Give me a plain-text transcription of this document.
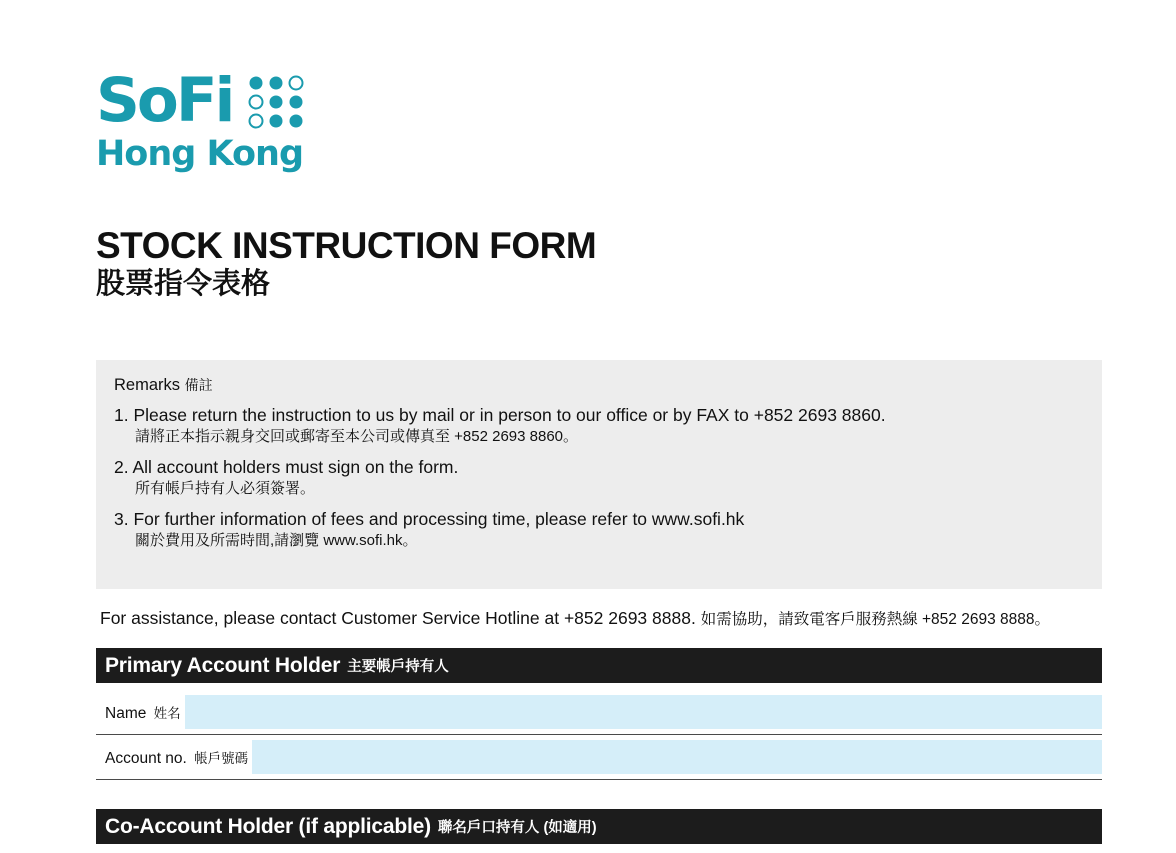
SoFi
Hong Kong
STOCK INSTRUCTION FORM
股票指令表格
Remarks 備註
1. Please return the instruction to us by mail or in person to our office or by FAX to +852 2693 8860.
請將正本指示親身交回或郵寄至本公司或傳真至 +852 2693 8860。
2. All account holders must sign on the form.
所有帳戶持有人必須簽署。
3. For further information of fees and processing time, please refer to www.sofi.hk
關於費用及所需時間,請瀏覽 www.sofi.hk。
For assistance, please contact Customer Service Hotline at +852 2693 8888. 如需協助，請致電客戶服務熱線 +852 2693 8888。
Primary Account Holder 主要帳戶持有人
Name 姓名
Account no. 帳戶號碼
Co-Account Holder (if applicable) 聯名戶口持有人 (如適用)
